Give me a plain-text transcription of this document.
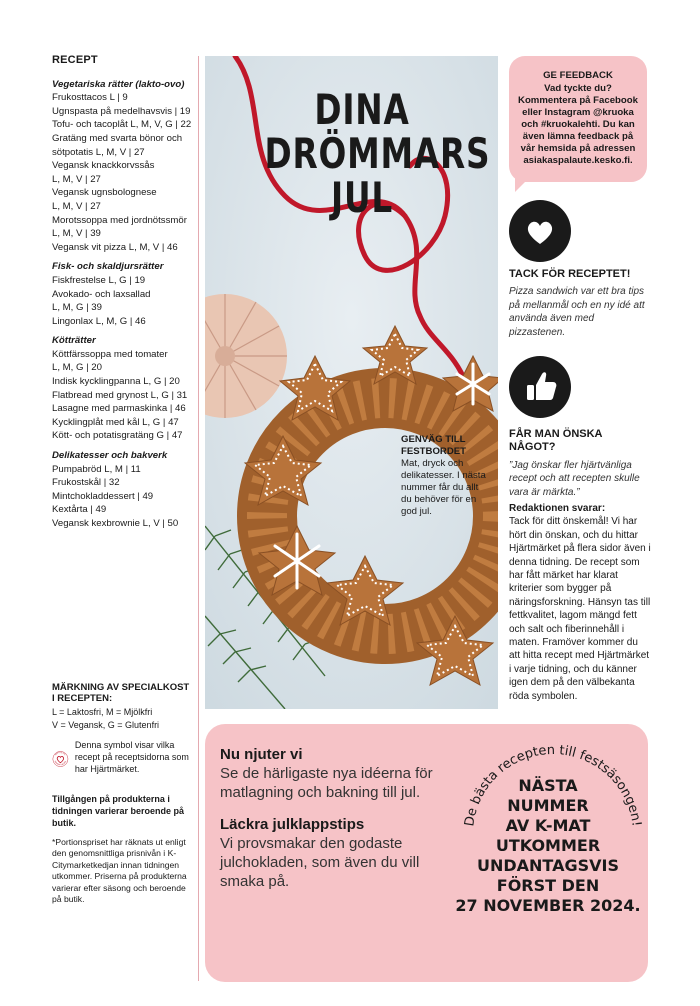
RECEPT
Vegetariska rätter (lakto-ovo)
Frukosttacos L | 9
Ugnspasta på medelhavsvis | 19
Tofu- och tacoplåt L, M, V, G | 22
Gratäng med svarta bönor och
sötpotatis L, M, V | 27
Vegansk knackkorvssås
L, M, V | 27
Vegansk ugnsbolognese
L, M, V | 27
Morotssoppa med jordnötssmör
L, M, V | 39
Vegansk vit pizza L, M, V | 46
Fisk- och skaldjursrätter
Fiskfrestelse L, G | 19
Avokado- och laxsallad
L, M, G | 39
Lingonlax L, M, G | 46
Kötträtter
Köttfärssoppa med tomater
L, M, G | 20
Indisk kycklingpanna L, G | 20
Flatbread med grynost L, G | 31
Lasagne med parmaskinka | 46
Kycklingplåt med kål L, G | 47
Kött- och potatisgratäng G | 47
Delikatesser och bakverk
Pumpabröd L, M | 11
Frukostskål | 32
Mintchokladdessert | 49
Kextårta | 49
Vegansk kexbrownie L, V | 50
MÄRKNING AV SPECIALKOST I RECEPTEN:
L = Laktosfri, M = Mjölkfri
V = Vegansk, G = Glutenfri
BÄTTRE VAL
PARAMPI VALINTA
Denna symbol visar vilka recept på receptsidorna som har Hjärtmärket.
Tillgången på produkterna i tidningen varierar beroende på butik.
*Portionspriset har räknats ut enligt den genomsnittliga prisnivån i K-Citymarketkedjan innan tidningen utkommer. Priserna på produkterna varierar efter säsong och beroende på butik.
DINA
DRÖMMARS
JUL
GENVÄG TILL FESTBORDET
Mat, dryck och delikatesser. I nästa nummer får du allt du behöver för en god jul.
GE FEEDBACK
Vad tyckte du? Kommentera på Facebook eller Instagram @kruoka och #kruokalehti. Du kan även lämna feedback på vår hemsida på adressen asiakaspalaute.kesko.fi.
TACK FÖR RECEPTET!
Pizza sandwich var ett bra tips på mellanmål och en ny idé att använda även med pizzastenen.
FÅR MAN ÖNSKA NÅGOT?
”Jag önskar fler hjärtvänliga recept och att recepten skulle vara är märkta.”
Redaktionen svarar:
Tack för ditt önskemål! Vi har hört din önskan, och du hittar Hjärtmärket på flera sidor även i denna tidning. De recept som har fått märket har klarat kriterier som bygger på näringsforskning. Hänsyn tas till fettkvalitet, lagom mängd fett och salt och fiberinnehåll i maten. Framöver kommer du att hitta recept med Hjärtmärket i varje tidning, och du känner igen dem på den välbekanta röda symbolen.
Nu njuter vi

Se de härligaste nya idéerna för matlagning och bakning till jul.

Läckra julklappstips

Vi provsmakar den godaste julchokladen, som även du vill smaka på.

De bästa recepten till festsäsongen!
NÄSTA
NUMMER
AV K-MAT
UTKOMMER
UNDANTAGSVIS
FÖRST DEN
27 NOVEMBER 2024.
